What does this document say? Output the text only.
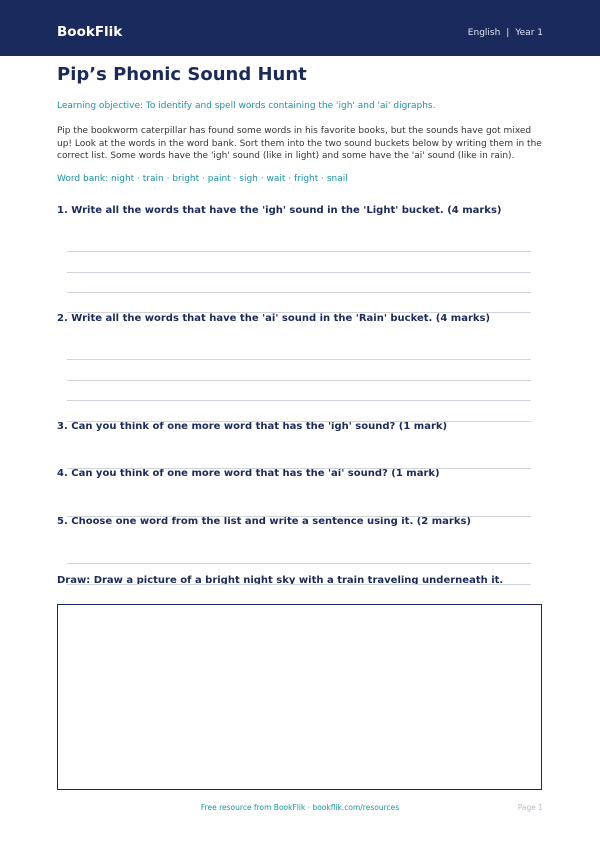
BookFlik	English | Year 1
Pip’s Phonic Sound Hunt
Learning objective: To identify and spell words containing the 'igh' and 'ai' digraphs.
Pip the bookworm caterpillar has found some words in his favorite books, but the sounds have got mixed up! Look at the words in the word bank. Sort them into the two sound buckets below by writing them in the correct list. Some words have the 'igh' sound (like in light) and some have the 'ai' sound (like in rain).
Word bank: night · train · bright · paint · sigh · wait · fright · snail
1. Write all the words that have the 'igh' sound in the 'Light' bucket. (4 marks)
2. Write all the words that have the 'ai' sound in the 'Rain' bucket. (4 marks)
3. Can you think of one more word that has the 'igh' sound? (1 mark)
4. Can you think of one more word that has the 'ai' sound? (1 mark)
5. Choose one word from the list and write a sentence using it. (2 marks)
Draw: Draw a picture of a bright night sky with a train traveling underneath it.
Free resource from BookFlik · bookflik.com/resources	Page 1
